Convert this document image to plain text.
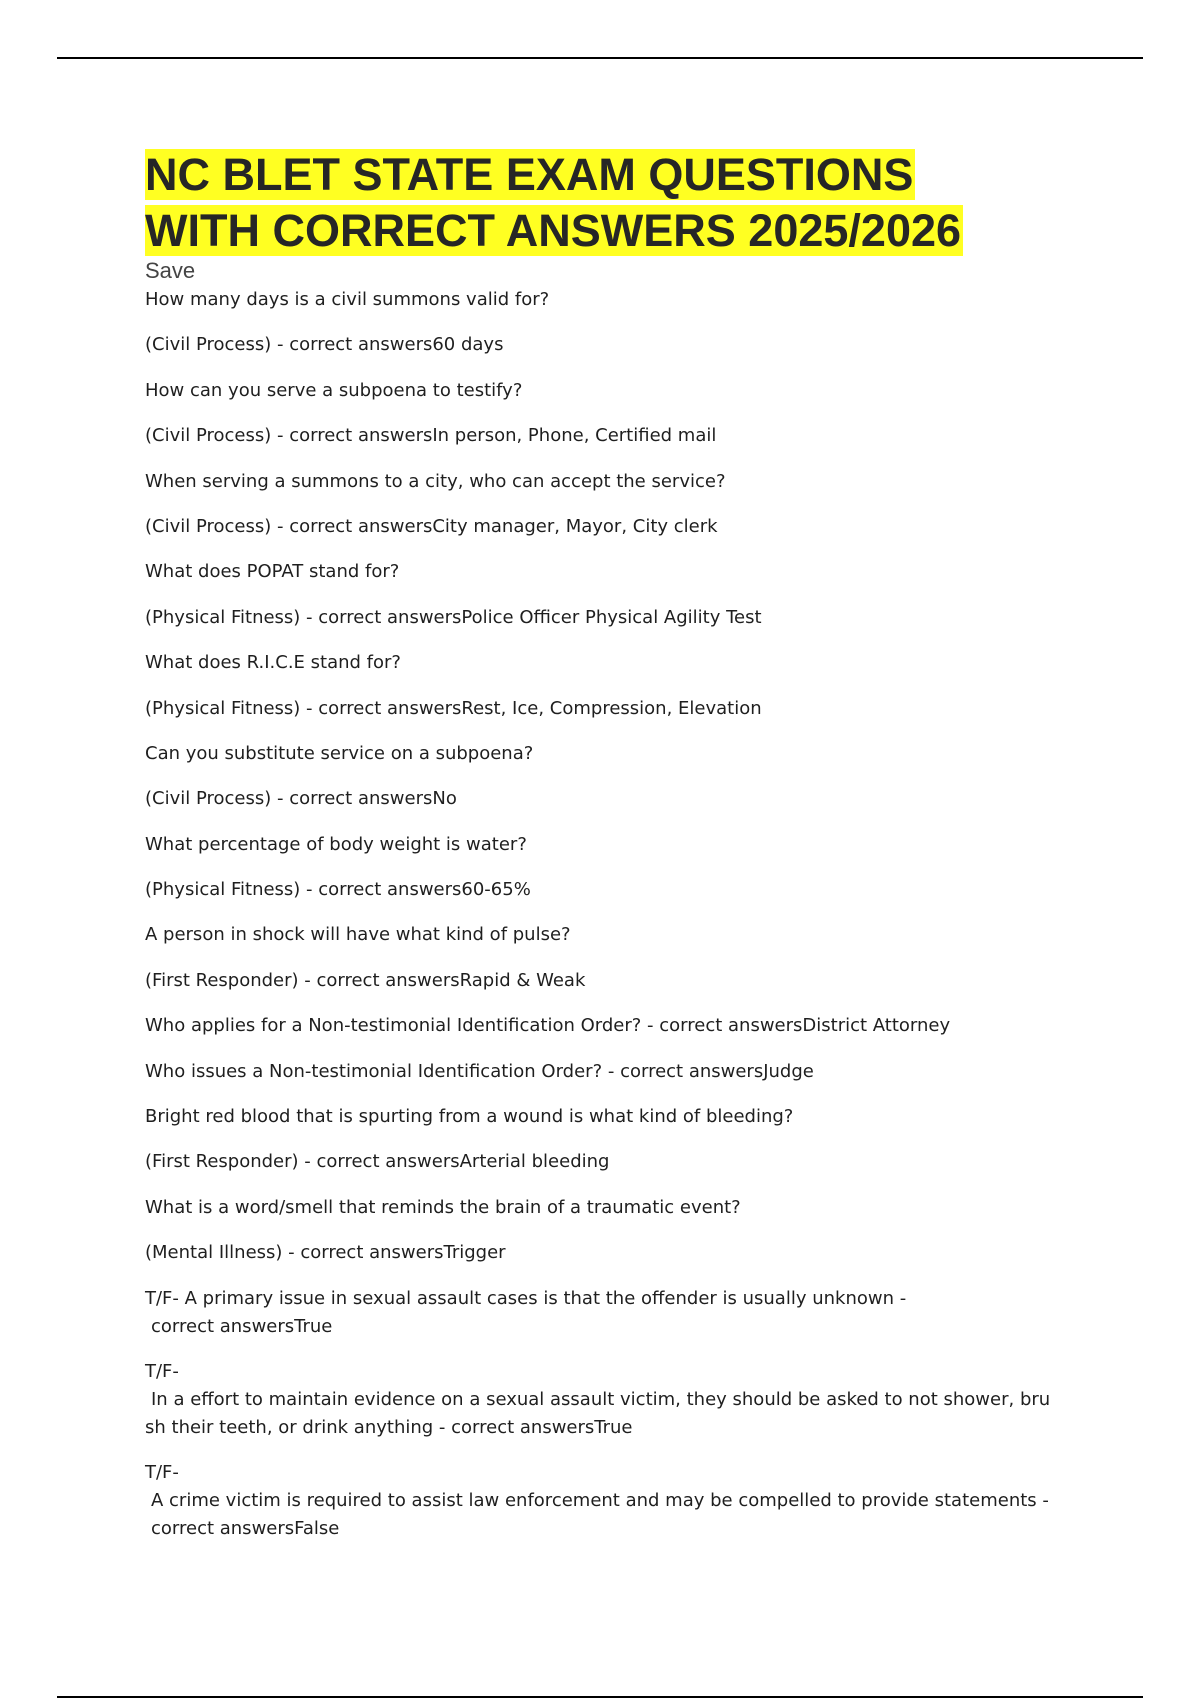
NC BLET STATE EXAM QUESTIONS
WITH CORRECT ANSWERS 2025/2026
Save
How many days is a civil summons valid for?
(Civil Process) - correct answers60 days
How can you serve a subpoena to testify?
(Civil Process) - correct answersIn person, Phone, Certified mail
When serving a summons to a city, who can accept the service?
(Civil Process) - correct answersCity manager, Mayor, City clerk
What does POPAT stand for?
(Physical Fitness) - correct answersPolice Officer Physical Agility Test
What does R.I.C.E stand for?
(Physical Fitness) - correct answersRest, Ice, Compression, Elevation
Can you substitute service on a subpoena?
(Civil Process) - correct answersNo
What percentage of body weight is water?
(Physical Fitness) - correct answers60-65%
A person in shock will have what kind of pulse?
(First Responder) - correct answersRapid & Weak
Who applies for a Non-testimonial Identification Order? - correct answersDistrict Attorney
Who issues a Non-testimonial Identification Order? - correct answersJudge
Bright red blood that is spurting from a wound is what kind of bleeding?
(First Responder) - correct answersArterial bleeding
What is a word/smell that reminds the brain of a traumatic event?
(Mental Illness) - correct answersTrigger
T/F- A primary issue in sexual assault cases is that the offender is usually unknown -
correct answersTrue
T/F-
In a effort to maintain evidence on a sexual assault victim, they should be asked to not shower, bru
sh their teeth, or drink anything - correct answersTrue
T/F-
A crime victim is required to assist law enforcement and may be compelled to provide statements -
correct answersFalse
